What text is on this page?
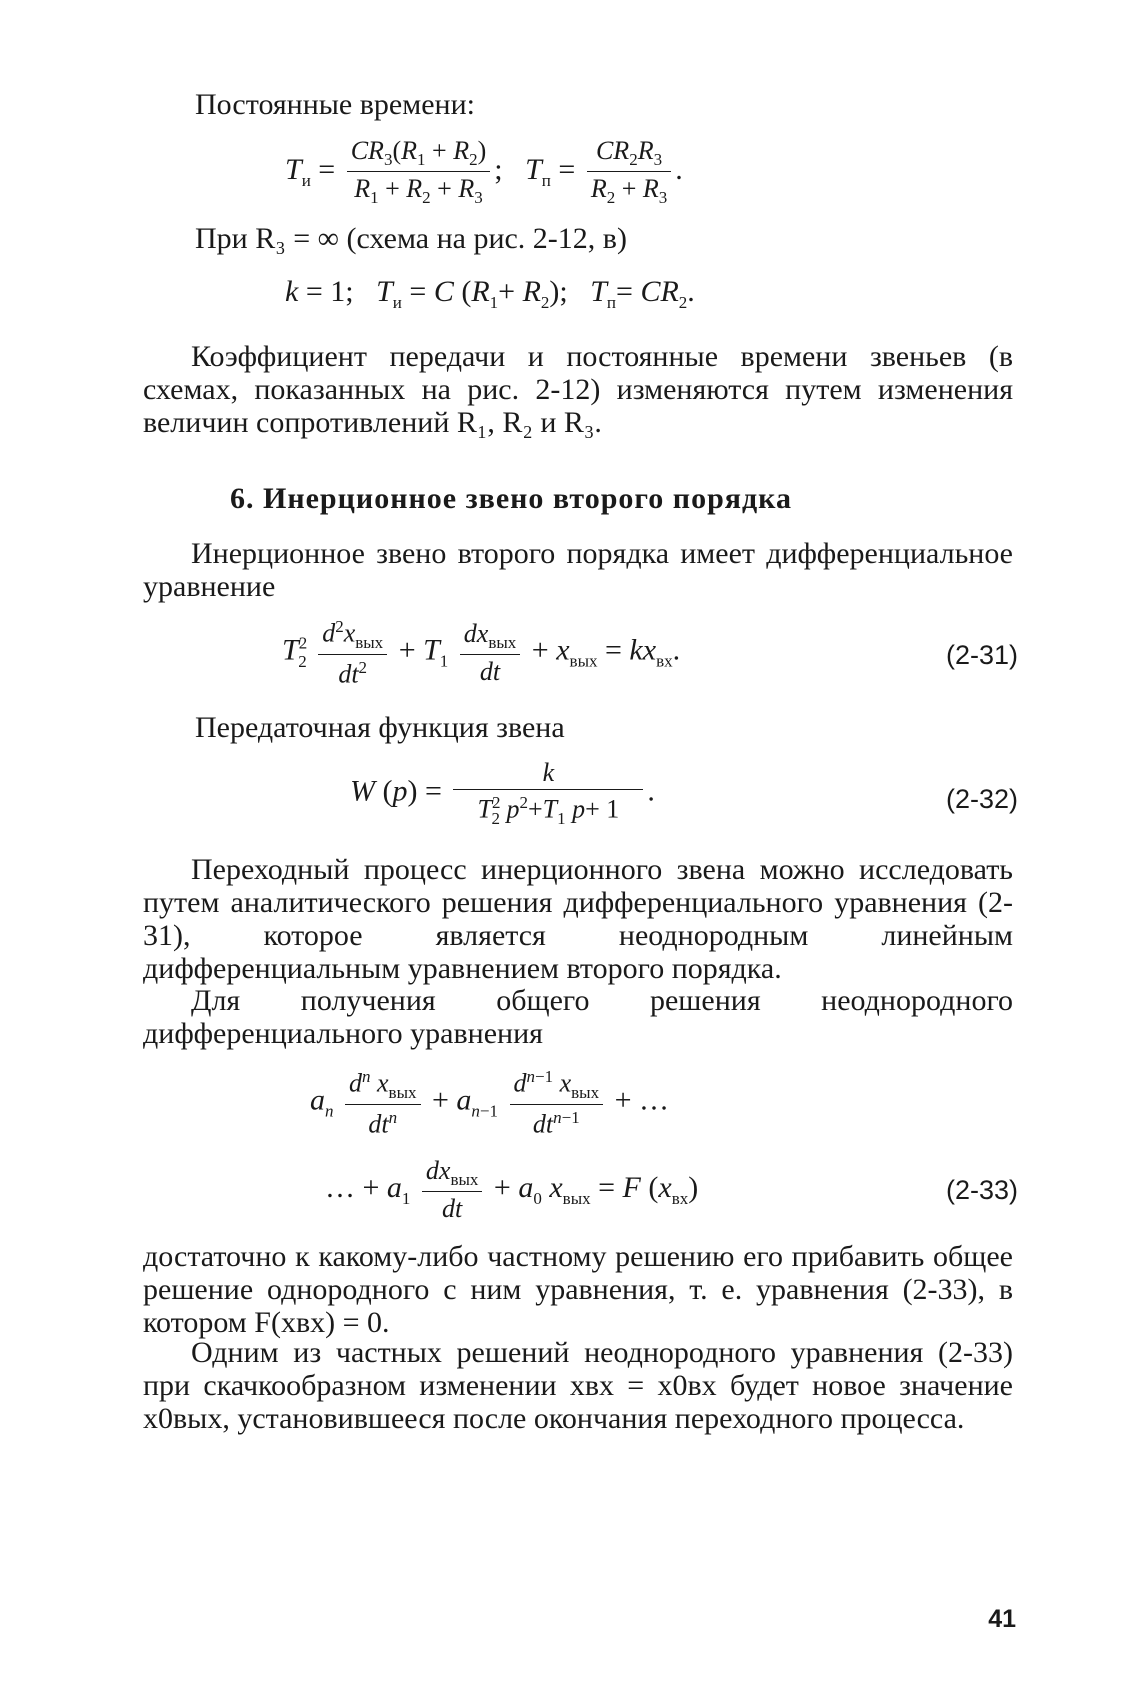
Постоянные времени:
$T_и = \frac{CR_3(R_1 + R_2)}{R_1 + R_2 + R_3}$ ;   $T_п = \frac{CR_2R_3}{R_2 + R_3}$ .
При R₃ = ∞ (схема на рис. 2-12, в)
k = 1;   $T_и = C$ $(R_1+ R_2)$;   $T_п= CR_2$.
Коэффициент передачи и постоянные времени звеньев (в схемах, показанных на рис. 2-12) изменяются путем изменения величин сопротивлений R₁, R₂ и R₃.
6. Инерционное звено второго порядка
Инерционное звено второго порядка имеет дифференциальное уравнение
$T^2_2 \frac{d^2x_{вых}}{dt^2} + T_1 \frac{dx_{вых}}{dt} + x_{вых} = kx_{вх}$.	(2-31)
Передаточная функция звена
W $(p) = \frac{k}{T^2_2 p^2+T_1 p+ 1}$ .	(2-32)
Переходный процесс инерционного звена можно исследовать путем аналитического решения дифференциального уравнения (2-31), которое является неоднородным линейным дифференциальным уравнением второго порядка.
Для получения общего решения неоднородного дифференциального уравнения
$a_n \frac{d^n x_{вых}}{dt^n} + a_{n-1} \frac{d^{n-1} x_{вых}}{dt^{n-1}}$ + …
… + $a_1 \frac{dx_{вых}}{dt} + a_0$ $x_{вых} = F$ $(x_{вх})$	(2-33)
достаточно к какому-либо частному решению его прибавить общее решение однородного с ним уравнения, т. е. уравнения (2-33), в котором F(xвх) = 0.
Одним из частных решений неоднородного уравнения (2-33) при скачкообразном изменении xвх = x0вх будет новое значение x0вых, установившееся после окончания переходного процесса.
41
